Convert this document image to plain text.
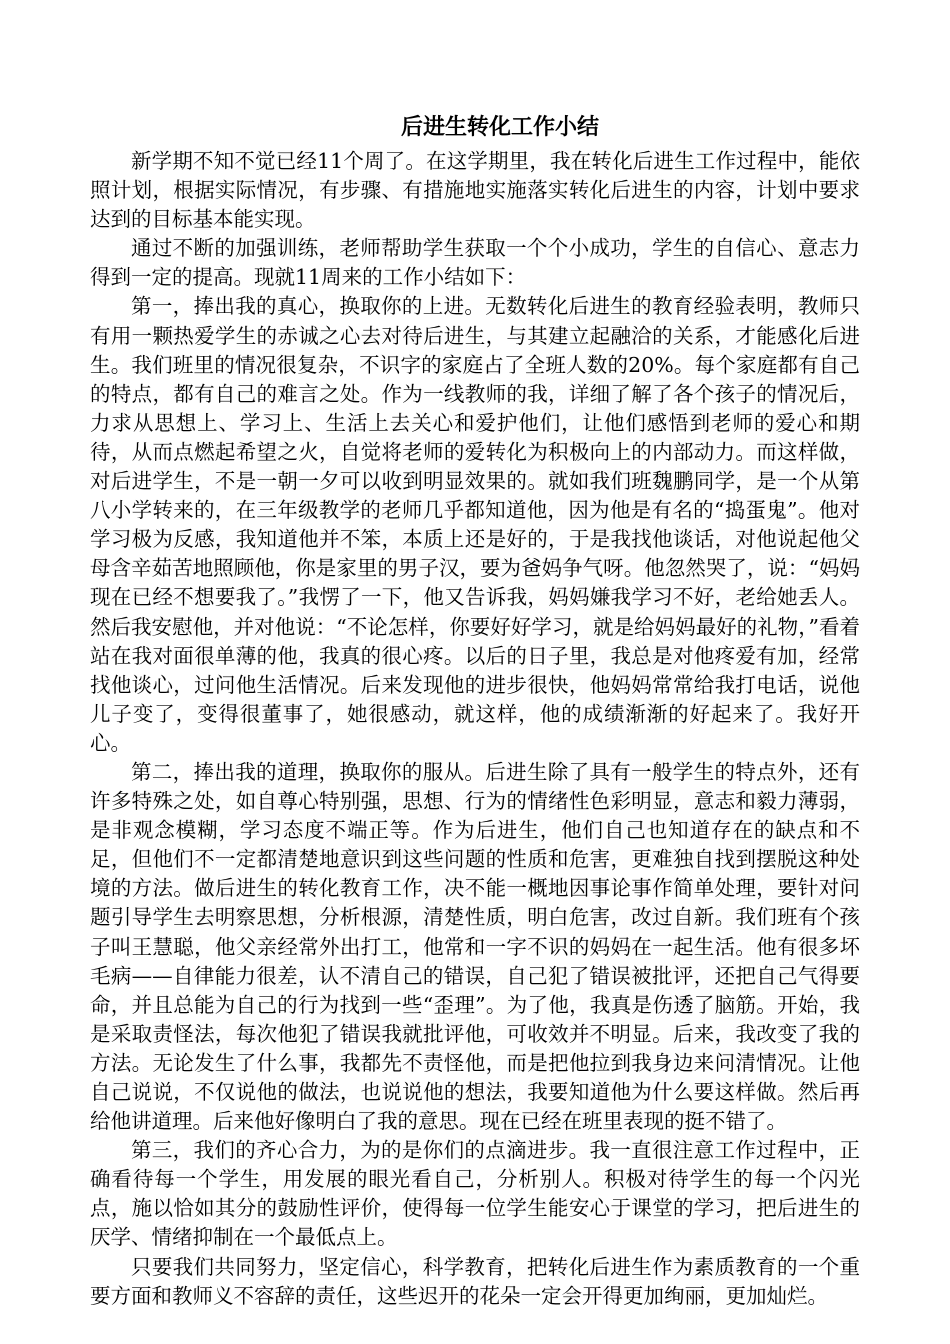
后进生转化工作小结

新学期不知不觉已经11个周了。在这学期里，我在转化后进生工作过程中，能依照计划，根据实际情况，有步骤、有措施地实施落实转化后进生的内容，计划中要求达到的目标基本能实现。

通过不断的加强训练，老师帮助学生获取一个个小成功，学生的自信心、意志力得到一定的提高。现就11周来的工作小结如下：

第一，捧出我的真心，换取你的上进。无数转化后进生的教育经验表明，教师只有用一颗热爱学生的赤诚之心去对待后进生，与其建立起融洽的关系，才能感化后进生。我们班里的情况很复杂，不识字的家庭占了全班人数的20%。每个家庭都有自己的特点，都有自己的难言之处。作为一线教师的我，详细了解了各个孩子的情况后，力求从思想上、学习上、生活上去关心和爱护他们，让他们感悟到老师的爱心和期待，从而点燃起希望之火，自觉将老师的爱转化为积极向上的内部动力。而这样做，对后进学生，不是一朝一夕可以收到明显效果的。就如我们班魏鹏同学，是一个从第八小学转来的，在三年级教学的老师几乎都知道他，因为他是有名的“捣蛋鬼”。他对学习极为反感，我知道他并不笨，本质上还是好的，于是我找他谈话，对他说起他父母含辛茹苦地照顾他，你是家里的男子汉，要为爸妈争气呀。他忽然哭了，说：“妈妈现在已经不想要我了。”我愣了一下，他又告诉我，妈妈嫌我学习不好，老给她丢人。然后我安慰他，并对他说：“不论怎样，你要好好学习，就是给妈妈最好的礼物，”看着站在我对面很单薄的他，我真的很心疼。以后的日子里，我总是对他疼爱有加，经常找他谈心，过问他生活情况。后来发现他的进步很快，他妈妈常常给我打电话，说他儿子变了，变得很董事了，她很感动，就这样，他的成绩渐渐的好起来了。我好开心。

第二，捧出我的道理，换取你的服从。后进生除了具有一般学生的特点外，还有许多特殊之处，如自尊心特别强，思想、行为的情绪性色彩明显，意志和毅力薄弱，是非观念模糊，学习态度不端正等。作为后进生，他们自己也知道存在的缺点和不足，但他们不一定都清楚地意识到这些问题的性质和危害，更难独自找到摆脱这种处境的方法。做后进生的转化教育工作，决不能一概地因事论事作简单处理，要针对问题引导学生去明察思想，分析根源，清楚性质，明白危害，改过自新。我们班有个孩子叫王慧聪，他父亲经常外出打工，他常和一字不识的妈妈在一起生活。他有很多坏毛病——自律能力很差，认不清自己的错误，自己犯了错误被批评，还把自己气得要命，并且总能为自己的行为找到一些“歪理”。为了他，我真是伤透了脑筋。开始，我是采取责怪法，每次他犯了错误我就批评他，可收效并不明显。后来，我改变了我的方法。无论发生了什么事，我都先不责怪他，而是把他拉到我身边来问清情况。让他自己说说，不仅说他的做法，也说说他的想法，我要知道他为什么要这样做。然后再给他讲道理。后来他好像明白了我的意思。现在已经在班里表现的挺不错了。

第三，我们的齐心合力，为的是你们的点滴进步。我一直很注意工作过程中，正确看待每一个学生，用发展的眼光看自己，分析别人。积极对待学生的每一个闪光点，施以恰如其分的鼓励性评价，使得每一位学生能安心于课堂的学习，把后进生的厌学、情绪抑制在一个最低点上。

只要我们共同努力，坚定信心，科学教育，把转化后进生作为素质教育的一个重要方面和教师义不容辞的责任，这些迟开的花朵一定会开得更加绚丽，更加灿烂。
